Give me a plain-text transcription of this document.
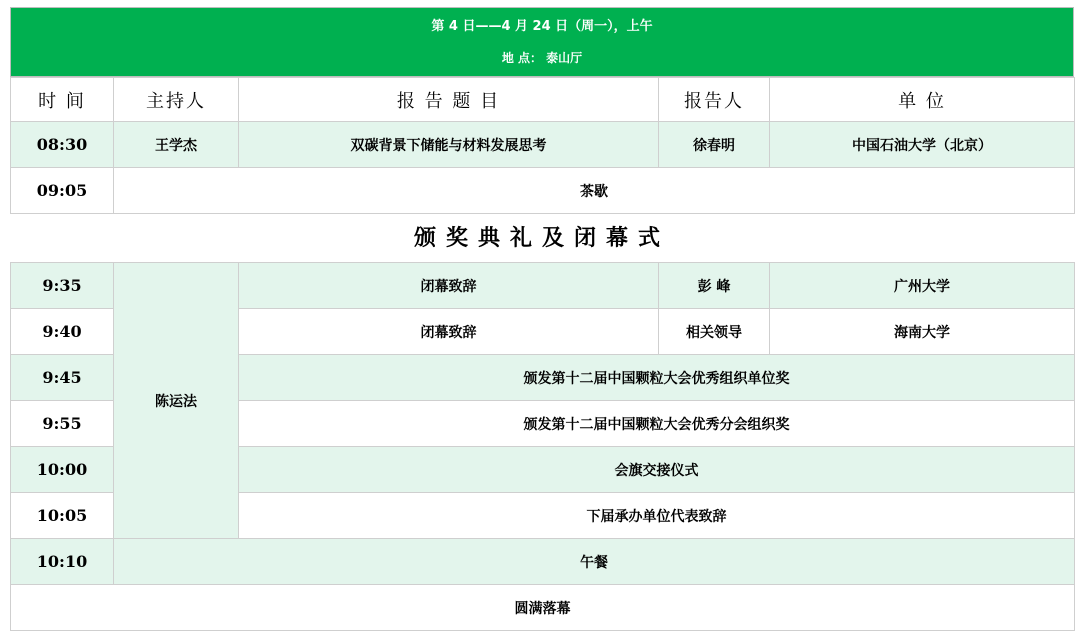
第 4 日——4 月 24 日（周一），上午
地 点： 泰山厅
时 间	主持人	报 告 题 目	报告人	单 位
08:30	王学杰	双碳背景下储能与材料发展思考	徐春明	中国石油大学（北京）
09:05	茶歇			
颁奖典礼及闭幕式
9:35	陈运法	闭幕致辞	彭 峰	广州大学
9:40		闭幕致辞	相关领导	海南大学
9:45		颁发第十二届中国颗粒大会优秀组织单位奖		
9:55		颁发第十二届中国颗粒大会优秀分会组织奖		
10:00		会旗交接仪式		
10:05		下届承办单位代表致辞		
10:10	午餐			
圆满落幕				
